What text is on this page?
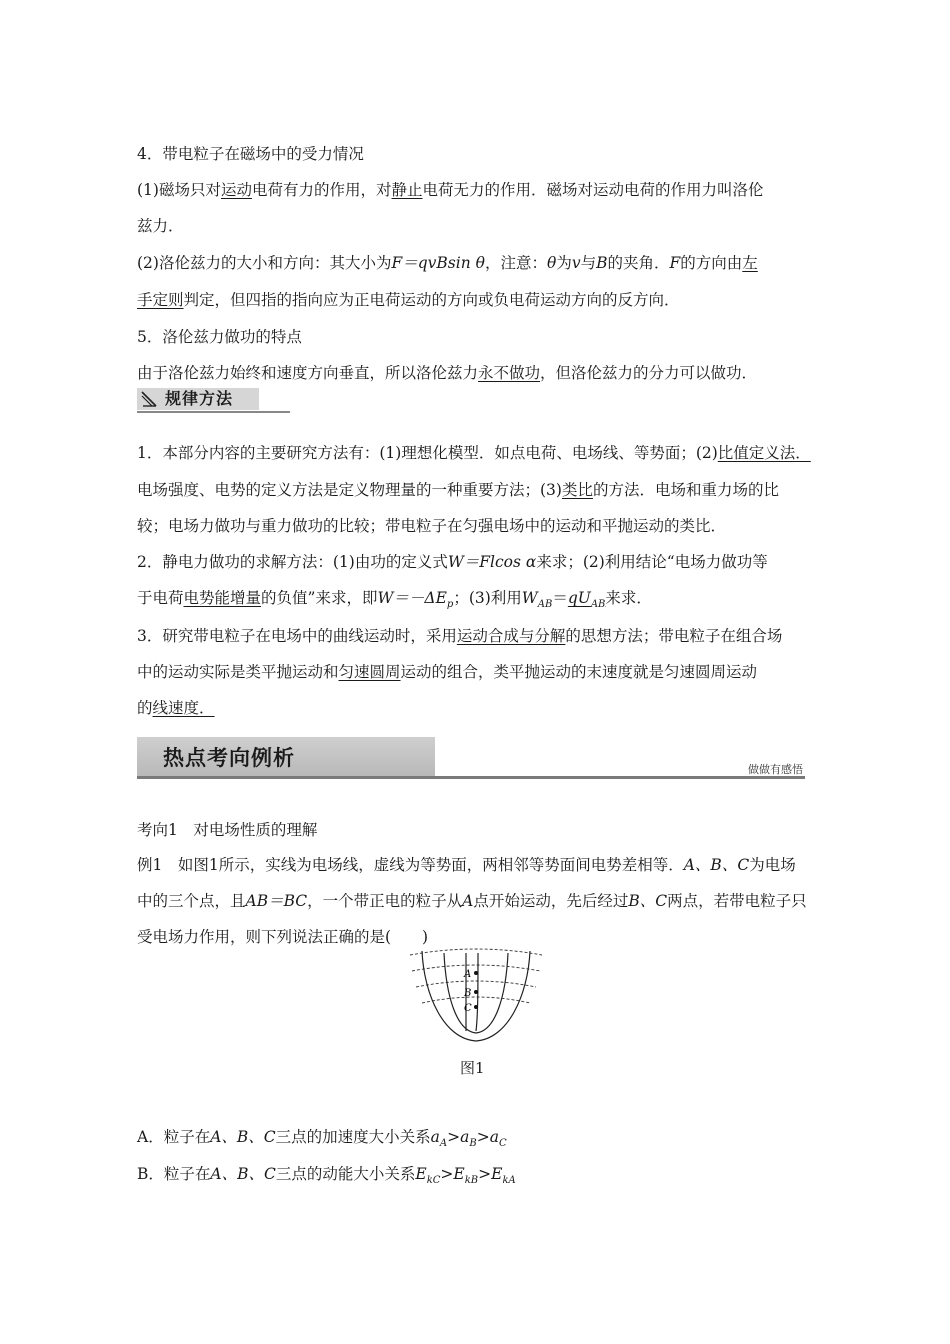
4．带电粒子在磁场中的受力情况
(1)磁场只对运动电荷有力的作用，对静止电荷无力的作用．磁场对运动电荷的作用力叫洛伦
兹力．
(2)洛伦兹力的大小和方向：其大小为F＝qvBsin θ，注意：θ为v与B的夹角．F的方向由左
手定则判定，但四指的指向应为正电荷运动的方向或负电荷运动方向的反方向．
5．洛伦兹力做功的特点
由于洛伦兹力始终和速度方向垂直，所以洛伦兹力永不做功，但洛伦兹力的分力可以做功．
规律方法
1．本部分内容的主要研究方法有：(1)理想化模型．如点电荷、电场线、等势面；(2)比值定义法．
电场强度、电势的定义方法是定义物理量的一种重要方法；(3)类比的方法．电场和重力场的比
较；电场力做功与重力做功的比较；带电粒子在匀强电场中的运动和平抛运动的类比．
2．静电力做功的求解方法：(1)由功的定义式W＝Flcos α来求；(2)利用结论“电场力做功等
于电荷电势能增量的负值”来求，即$W=-\Delta E_p$；(3)利用$W_{AB}=qU_{AB}$来求．
3．研究带电粒子在电场中的曲线运动时，采用运动合成与分解的思想方法；带电粒子在组合场
中的运动实际是类平抛运动和匀速圆周运动的组合，类平抛运动的末速度就是匀速圆周运动
的线速度．
热点考向例析	做做有感悟
考向1　对电场性质的理解
例1　如图1所示，实线为电场线，虚线为等势面，两相邻等势面间电势差相等．A、B、C为电场
中的三个点，且AB＝BC，一个带正电的粒子从A点开始运动，先后经过B、C两点，若带电粒子只
受电场力作用，则下列说法正确的是(　　)
A
B
C
图1
A．粒子在A、B、C三点的加速度大小关系$a_A>a_B>a_C$
B．粒子在A、B、C三点的动能大小关系$E_{kC}>E_{kB}>E_{kA}$
